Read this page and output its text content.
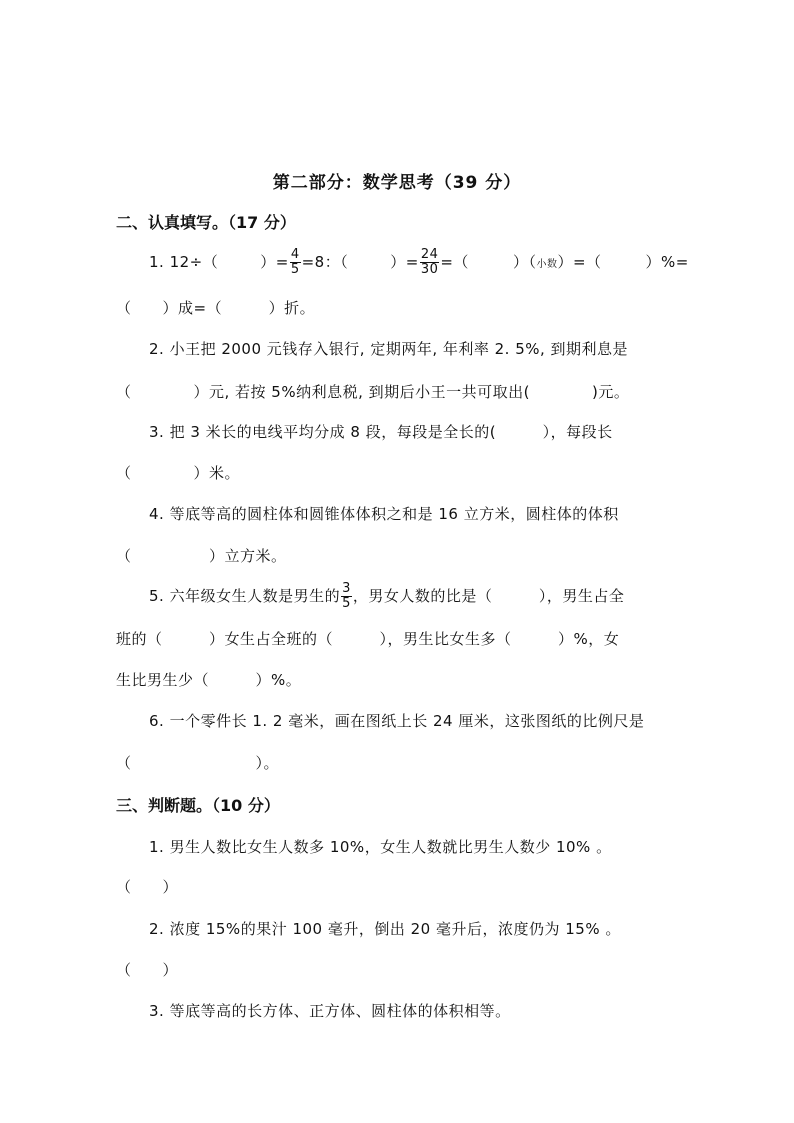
第二部分：数学思考（39 分）
二、认真填写。（17 分）
1. 12÷（	）= $\frac{4}{5} =8$：（	）= $\frac{24}{30}$ =（	）（小数）=（	）%=
（　　）成=（　　　）折。
2. 小王把 2000 元钱存入银行, 定期两年, 年利率 2. 5%, 到期利息是
（　　　　）元, 若按 5%纳利息税, 到期后小王一共可取出(　　　　)元。
3. 把 3 米长的电线平均分成 8 段，每段是全长的(　　　），每段长
（　　　　）米。
4. 等底等高的圆柱体和圆锥体体积之和是 16 立方米，圆柱体的体积
（　　　　　）立方米。
5. 六年级女生人数是男生的 $\frac{3}{5}$ ，男女人数的比是（　　　），男生占全
班的（　　　）女生占全班的（　　　），男生比女生多（　　　）%，女
生比男生少（　　　）%。
6. 一个零件长 1. 2 毫米，画在图纸上长 24 厘米，这张图纸的比例尺是
（　　　　　　　　）。
三、判断题。（10 分）
1. 男生人数比女生人数多 10%，女生人数就比男生人数少 10% 。
（　　）
2. 浓度 15%的果汁 100 毫升，倒出 20 毫升后，浓度仍为 15% 。
（　　）
3. 等底等高的长方体、正方体、圆柱体的体积相等。
